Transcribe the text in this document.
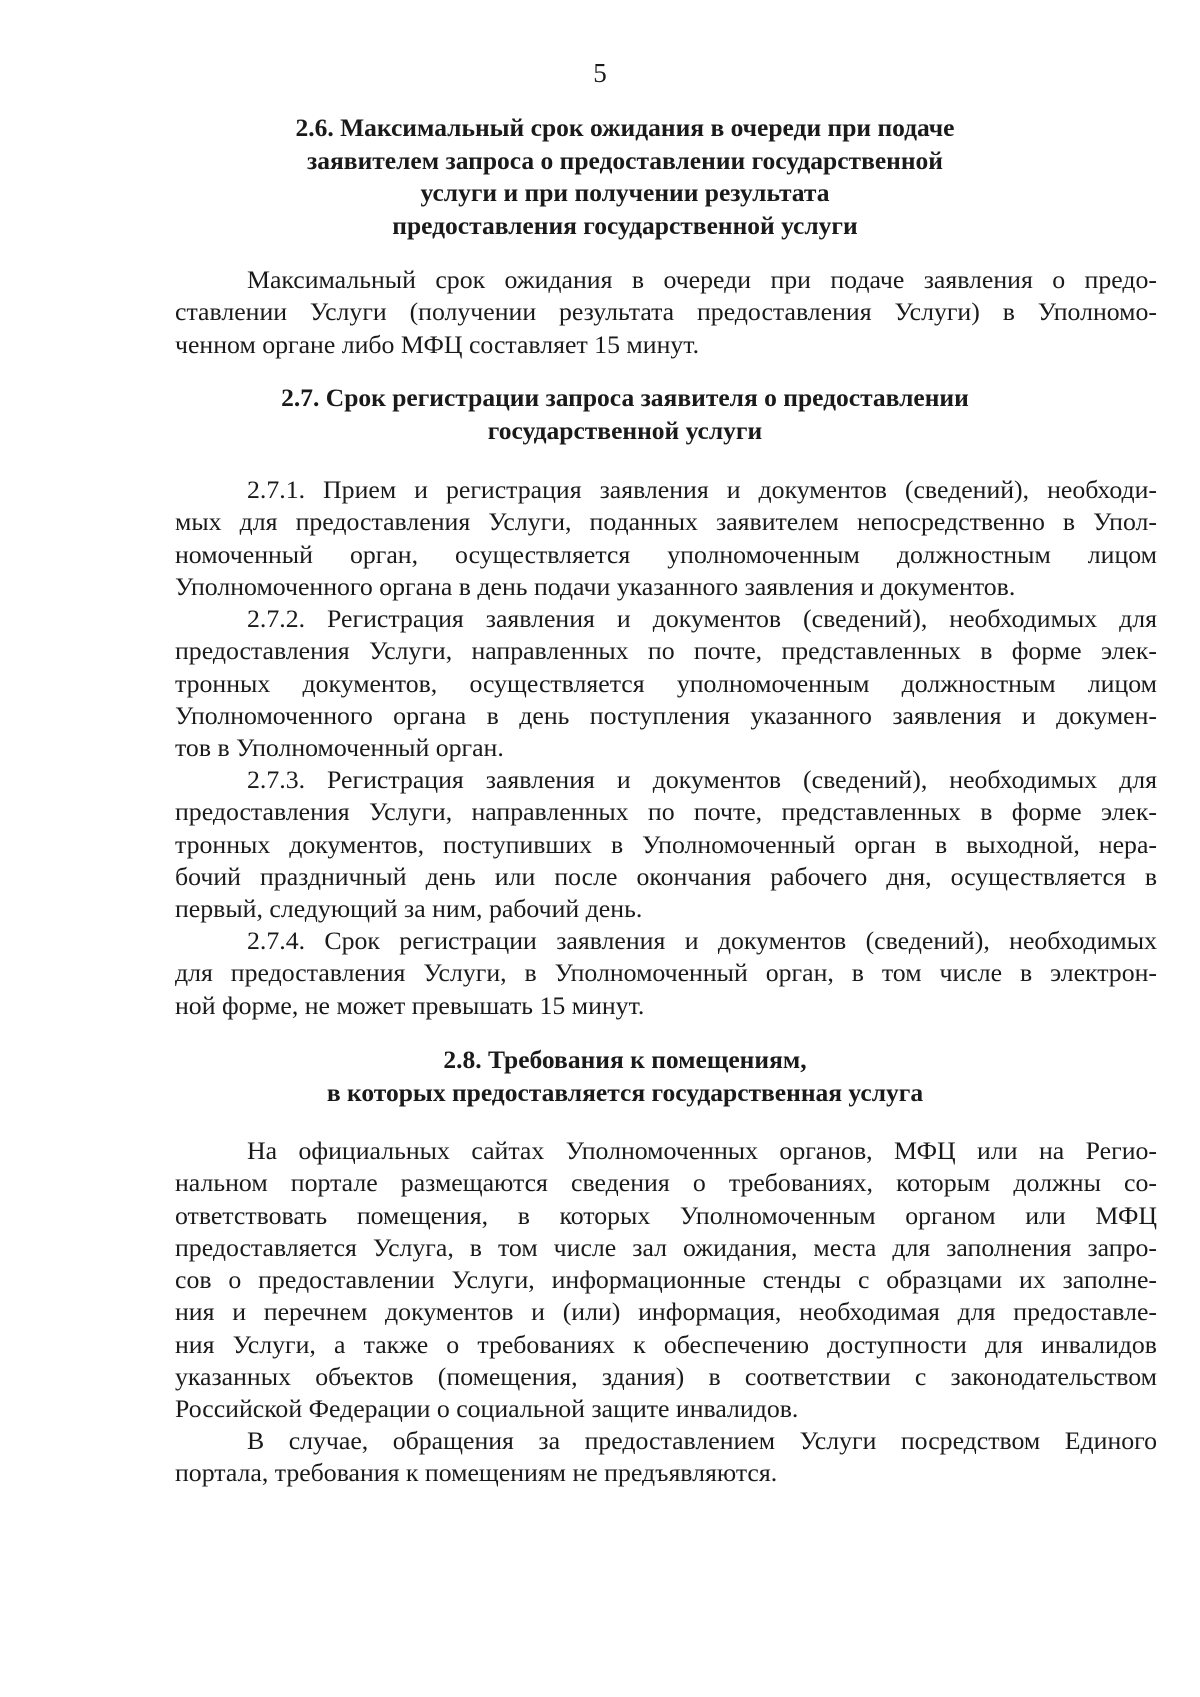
5
2.6. Максимальный срок ожидания в очереди при подаче
заявителем запроса о предоставлении государственной
услуги и при получении результата
предоставления государственной услуги
Максимальный срок ожидания в очереди при подаче заявления о предо-
ставлении Услуги (получении результата предоставления Услуги) в Уполномо-
ченном органе либо МФЦ составляет 15 минут.
2.7. Срок регистрации запроса заявителя о предоставлении
государственной услуги
2.7.1. Прием и регистрация заявления и документов (сведений), необходи-
мых для предоставления Услуги, поданных заявителем непосредственно в Упол-
номоченный орган, осуществляется уполномоченным должностным лицом
Уполномоченного органа в день подачи указанного заявления и документов.
2.7.2. Регистрация заявления и документов (сведений), необходимых для
предоставления Услуги, направленных по почте, представленных в форме элек-
тронных документов, осуществляется уполномоченным должностным лицом
Уполномоченного органа в день поступления указанного заявления и докумен-
тов в Уполномоченный орган.
2.7.3. Регистрация заявления и документов (сведений), необходимых для
предоставления Услуги, направленных по почте, представленных в форме элек-
тронных документов, поступивших в Уполномоченный орган в выходной, нера-
бочий праздничный день или после окончания рабочего дня, осуществляется в
первый, следующий за ним, рабочий день.
2.7.4. Срок регистрации заявления и документов (сведений), необходимых
для предоставления Услуги, в Уполномоченный орган, в том числе в электрон-
ной форме, не может превышать 15 минут.
2.8. Требования к помещениям,
в которых предоставляется государственная услуга
На официальных сайтах Уполномоченных органов, МФЦ или на Регио-
нальном портале размещаются сведения о требованиях, которым должны со-
ответствовать помещения, в которых Уполномоченным органом или МФЦ
предоставляется Услуга, в том числе зал ожидания, места для заполнения запро-
сов о предоставлении Услуги, информационные стенды с образцами их заполне-
ния и перечнем документов и (или) информация, необходимая для предоставле-
ния Услуги, а также о требованиях к обеспечению доступности для инвалидов
указанных объектов (помещения, здания) в соответствии с законодательством
Российской Федерации о социальной защите инвалидов.
В случае, обращения за предоставлением Услуги посредством Единого
портала, требования к помещениям не предъявляются.
